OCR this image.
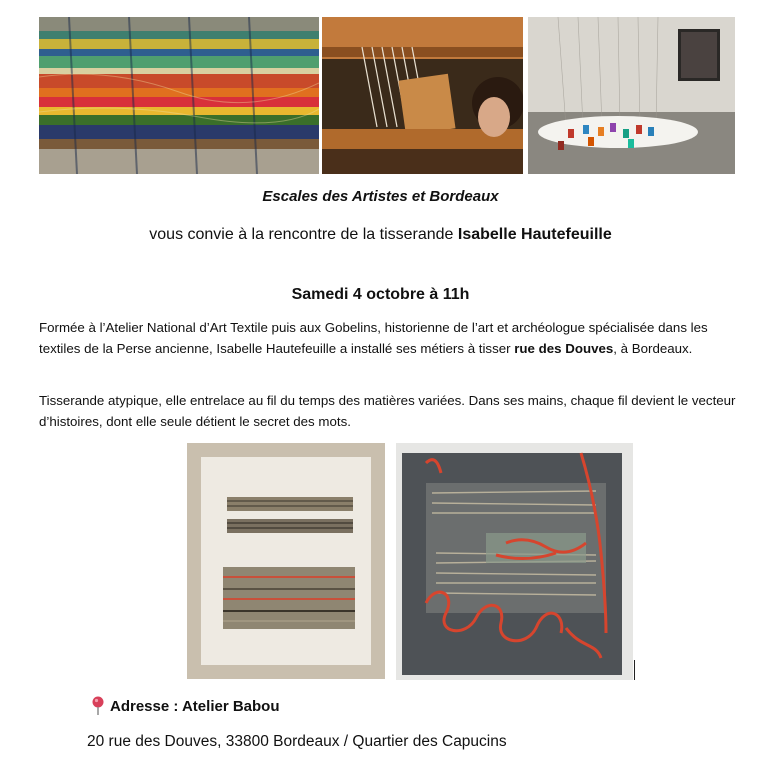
Escales des Artistes et Bordeaux
vous convie à la rencontre de la tisserande Isabelle Hautefeuille
Samedi 4 octobre à 11h
Formée à l’Atelier National d’Art Textile puis aux Gobelins, historienne de l’art et archéologue spécialisée dans les textiles de la Perse ancienne, Isabelle Hautefeuille a installé ses métiers à tisser rue des Douves, à Bordeaux.
Tisserande atypique, elle entrelace au fil du temps des matières variées. Dans ses mains, chaque fil devient le vecteur d’histoires, dont elle seule détient le secret des mots.
Adresse : Atelier Babou
20 rue des Douves, 33800 Bordeaux / Quartier des Capucins
